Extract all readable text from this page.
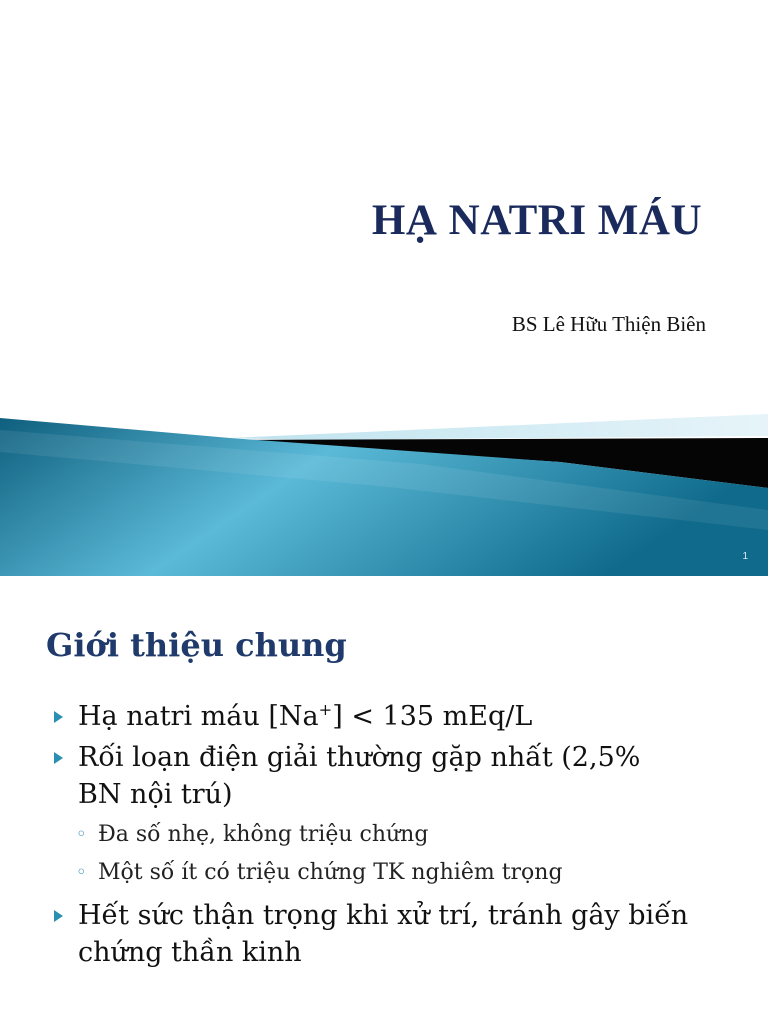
HẠ NATRI MÁU
BS Lê Hữu Thiện Biên
1
Giới thiệu chung
Hạ natri máu [Na+] < 135 mEq/L
Rối loạn điện giải thường gặp nhất (2,5% BN nội trú)
◦ Đa số nhẹ, không triệu chứng
◦ Một số ít có triệu chứng TK nghiêm trọng
Hết sức thận trọng khi xử trí, tránh gây biến chứng thần kinh
